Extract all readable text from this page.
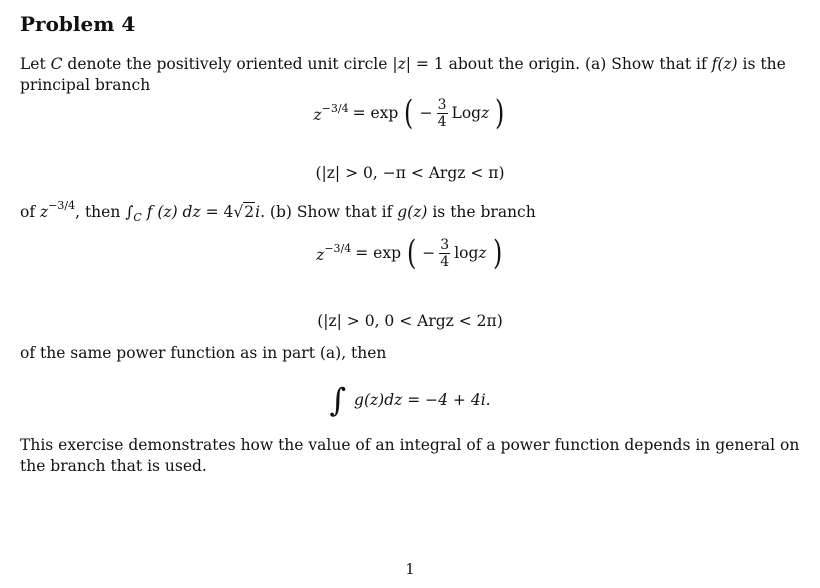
Problem 4

Let C denote the positively oriented unit circle |z| = 1 about the origin. (a) Show that if f(z) is the principal branch

$z^{-3/4} = \exp$ ( − $\frac{3}{4}$ Logz )
(|z| > 0, −π < Argz < π)

of $z^{-3/4}$, then $\int_C$ f (z) dz = 4√2i. (b) Show that if g(z) is the branch

$z^{-3/4} = \exp$ ( − $\frac{3}{4}$ logz )
(|z| > 0, 0 < Argz < 2π)

of the same power function as in part (a), then

∫ g(z)dz = −4 + 4i.

This exercise demonstrates how the value of an integral of a power function depends in general on the branch that is used.

1
